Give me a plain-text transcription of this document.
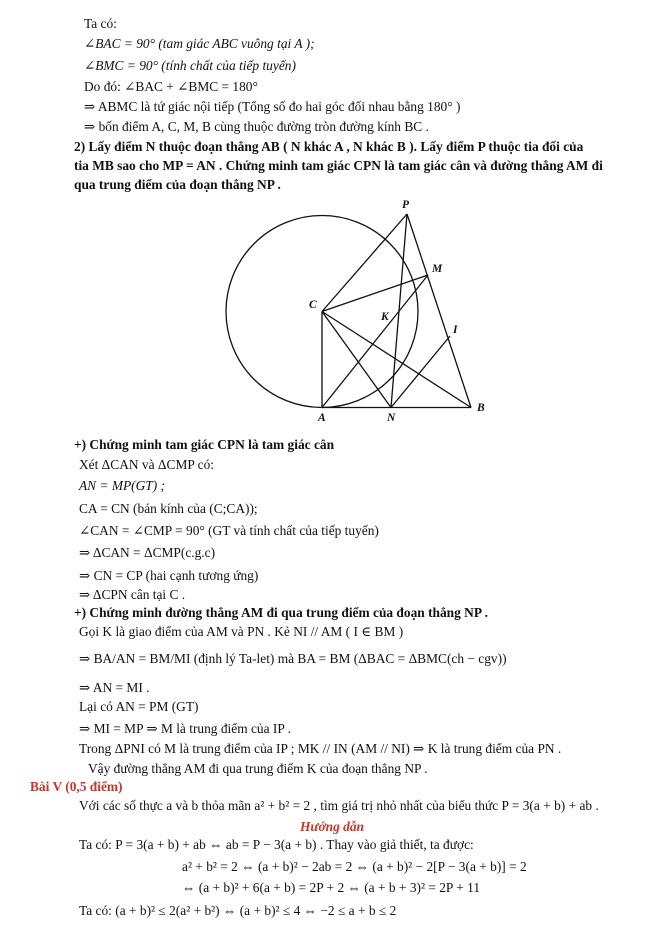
Ta có:
∠BAC = 90° (tam giác ABC vuông tại A );
∠BMC = 90° (tính chất của tiếp tuyến)
Do đó: ∠BAC + ∠BMC = 180°
⇒ ABMC là tứ giác nội tiếp (Tổng số đo hai góc đối nhau bằng 180° )
⇒ bốn điểm A, C, M, B cùng thuộc đường tròn đường kính BC .
2) Lấy điểm N thuộc đoạn thẳng AB ( N khác A , N khác B ). Lấy điểm P thuộc tia đối của
tia MB sao cho MP = AN . Chứng minh tam giác CPN là tam giác cân và đường thẳng AM đi
qua trung điểm của đoạn thẳng NP .
P
M
C
K
I
A	N
B
+) Chứng minh tam giác CPN là tam giác cân
Xét ΔCAN và ΔCMP có:
AN = MP(GT) ;
CA = CN (bán kính của (C;CA));
∠CAN = ∠CMP = 90° (GT và tính chất của tiếp tuyến)
⇒ ΔCAN = ΔCMP(c.g.c)
⇒ CN = CP (hai cạnh tương ứng)
⇒ ΔCPN cân tại C .
+) Chứng minh đường thẳng AM đi qua trung điểm của đoạn thẳng NP .
Gọi K là giao điểm của AM và PN . Kẻ NI // AM ( I ∈ BM )
⇒ BA/AN = BM/MI (định lý Ta-let) mà BA = BM (ΔBAC = ΔBMC(ch − cgv))
⇒ AN = MI .
Lại có AN = PM (GT)
⇒ MI = MP ⇒ M là trung điểm của IP .
Trong ΔPNI có M là trung điểm của IP ; MK // IN (AM // NI) ⇒ K là trung điểm của PN .
Vậy đường thẳng AM đi qua trung điểm K của đoạn thẳng NP .
Bài V (0,5 điểm)
Với các số thực a và b thỏa mãn a² + b² = 2 , tìm giá trị nhỏ nhất của biểu thức P = 3(a + b) + ab .
Hướng dẫn
Ta có: P = 3(a + b) + ab ⇔ ab = P − 3(a + b) . Thay vào giả thiết, ta được:
a² + b² = 2 ⇔ (a + b)² − 2ab = 2 ⇔ (a + b)² − 2[P − 3(a + b)] = 2
⇔ (a + b)² + 6(a + b) = 2P + 2 ⇔ (a + b + 3)² = 2P + 11
Ta có: (a + b)² ≤ 2(a² + b²) ⇔ (a + b)² ≤ 4 ⇔ −2 ≤ a + b ≤ 2
